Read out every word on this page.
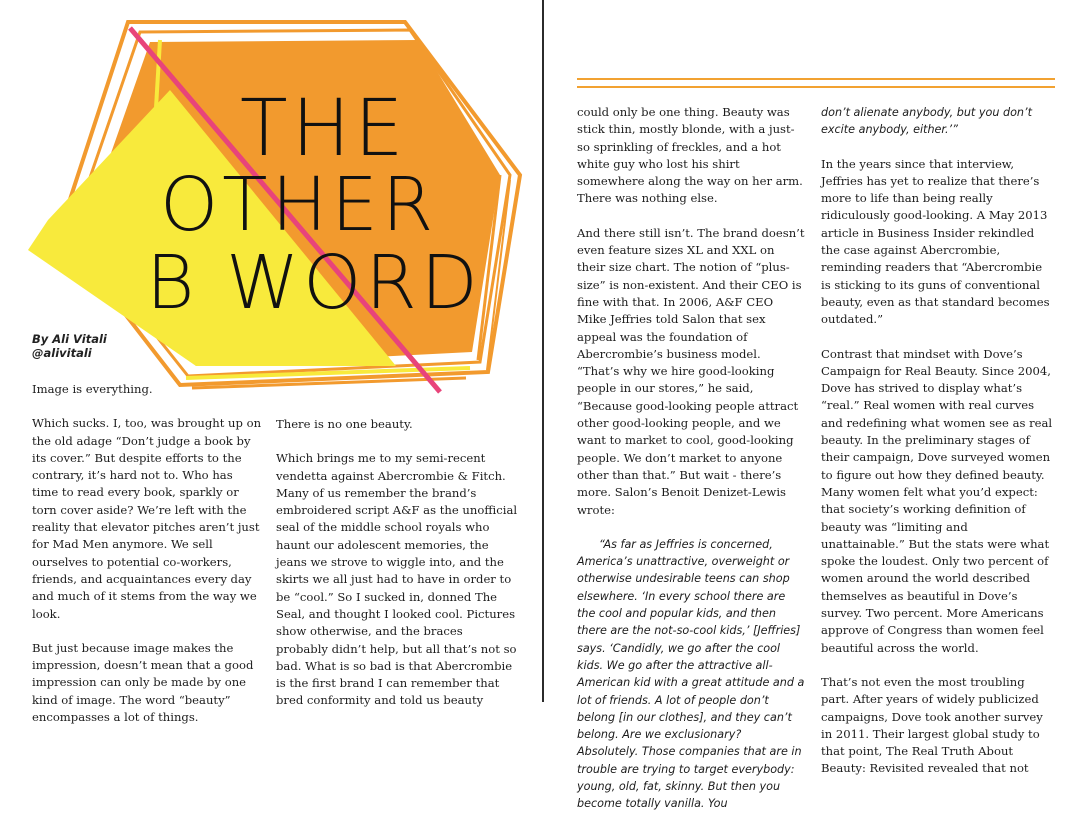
THE
OTHER
B WORD
By Ali Vitali
@alivitali

Image is everything.

Which sucks. I, too, was brought up on the old adage “Don’t judge a book by its cover.” But despite efforts to the contrary, it’s hard not to. Who has time to read every book, sparkly or torn cover aside? We’re left with the reality that elevator pitches aren’t just for Mad Men anymore. We sell ourselves to potential co-workers, friends, and acquaintances every day and much of it stems from the way we look.

But just because image makes the impression, doesn’t mean that a good impression can only be made by one kind of image. The word “beauty” encompasses a lot of things.

There is no one beauty.

Which brings me to my semi-recent vendetta against Abercrombie & Fitch. Many of us remember the brand’s embroidered script A&F as the unofficial seal of the middle school royals who haunt our adolescent memories, the jeans we strove to wiggle into, and the skirts we all just had to have in order to be “cool.” So I sucked in, donned The Seal, and thought I looked cool. Pictures show otherwise, and the braces probably didn’t help, but all that’s not so bad. What is so bad is that Abercrombie is the first brand I can remember that bred conformity and told us beauty

could only be one thing. Beauty was stick thin, mostly blonde, with a just-so sprinkling of freckles, and a hot white guy who lost his shirt somewhere along the way on her arm. There was nothing else.

And there still isn’t. The brand doesn’t even feature sizes XL and XXL on their size chart. The notion of “plus-size” is non-existent. And their CEO is fine with that. In 2006, A&F CEO Mike Jeffries told Salon that sex appeal was the foundation of Abercrombie’s business model. “That’s why we hire good-looking people in our stores,” he said, “Because good-looking people attract other good-looking people, and we want to market to cool, good-looking people. We don’t market to anyone other than that.” But wait - there’s more. Salon’s Benoit Denizet-Lewis wrote:

“As far as Jeffries is concerned, America’s unattractive, overweight or otherwise undesirable teens can shop elsewhere. ‘In every school there are the cool and popular kids, and then there are the not-so-cool kids,’ [Jeffries] says. ‘Candidly, we go after the cool kids. We go after the attractive all-American kid with a great attitude and a lot of friends. A lot of people don’t belong [in our clothes], and they can’t belong. Are we exclusionary? Absolutely. Those companies that are in trouble are trying to target everybody: young, old, fat, skinny. But then you become totally vanilla. You

don’t alienate anybody, but you don’t excite anybody, either.’”

In the years since that interview, Jeffries has yet to realize that there’s more to life than being really ridiculously good-looking. A May 2013 article in Business Insider rekindled the case against Abercrombie, reminding readers that “Abercrombie is sticking to its guns of conventional beauty, even as that standard becomes outdated.”

Contrast that mindset with Dove’s Campaign for Real Beauty. Since 2004, Dove has strived to display what’s “real.” Real women with real curves and redefining what women see as real beauty. In the preliminary stages of their campaign, Dove surveyed women to figure out how they defined beauty. Many women felt what you’d expect: that society’s working definition of beauty was “limiting and unattainable.” But the stats were what spoke the loudest. Only two percent of women around the world described themselves as beautiful in Dove’s survey. Two percent. More Americans approve of Congress than women feel beautiful across the world.

That’s not even the most troubling part. After years of widely publicized campaigns, Dove took another survey in 2011. Their largest global study to that point, The Real Truth About Beauty: Revisited revealed that not
